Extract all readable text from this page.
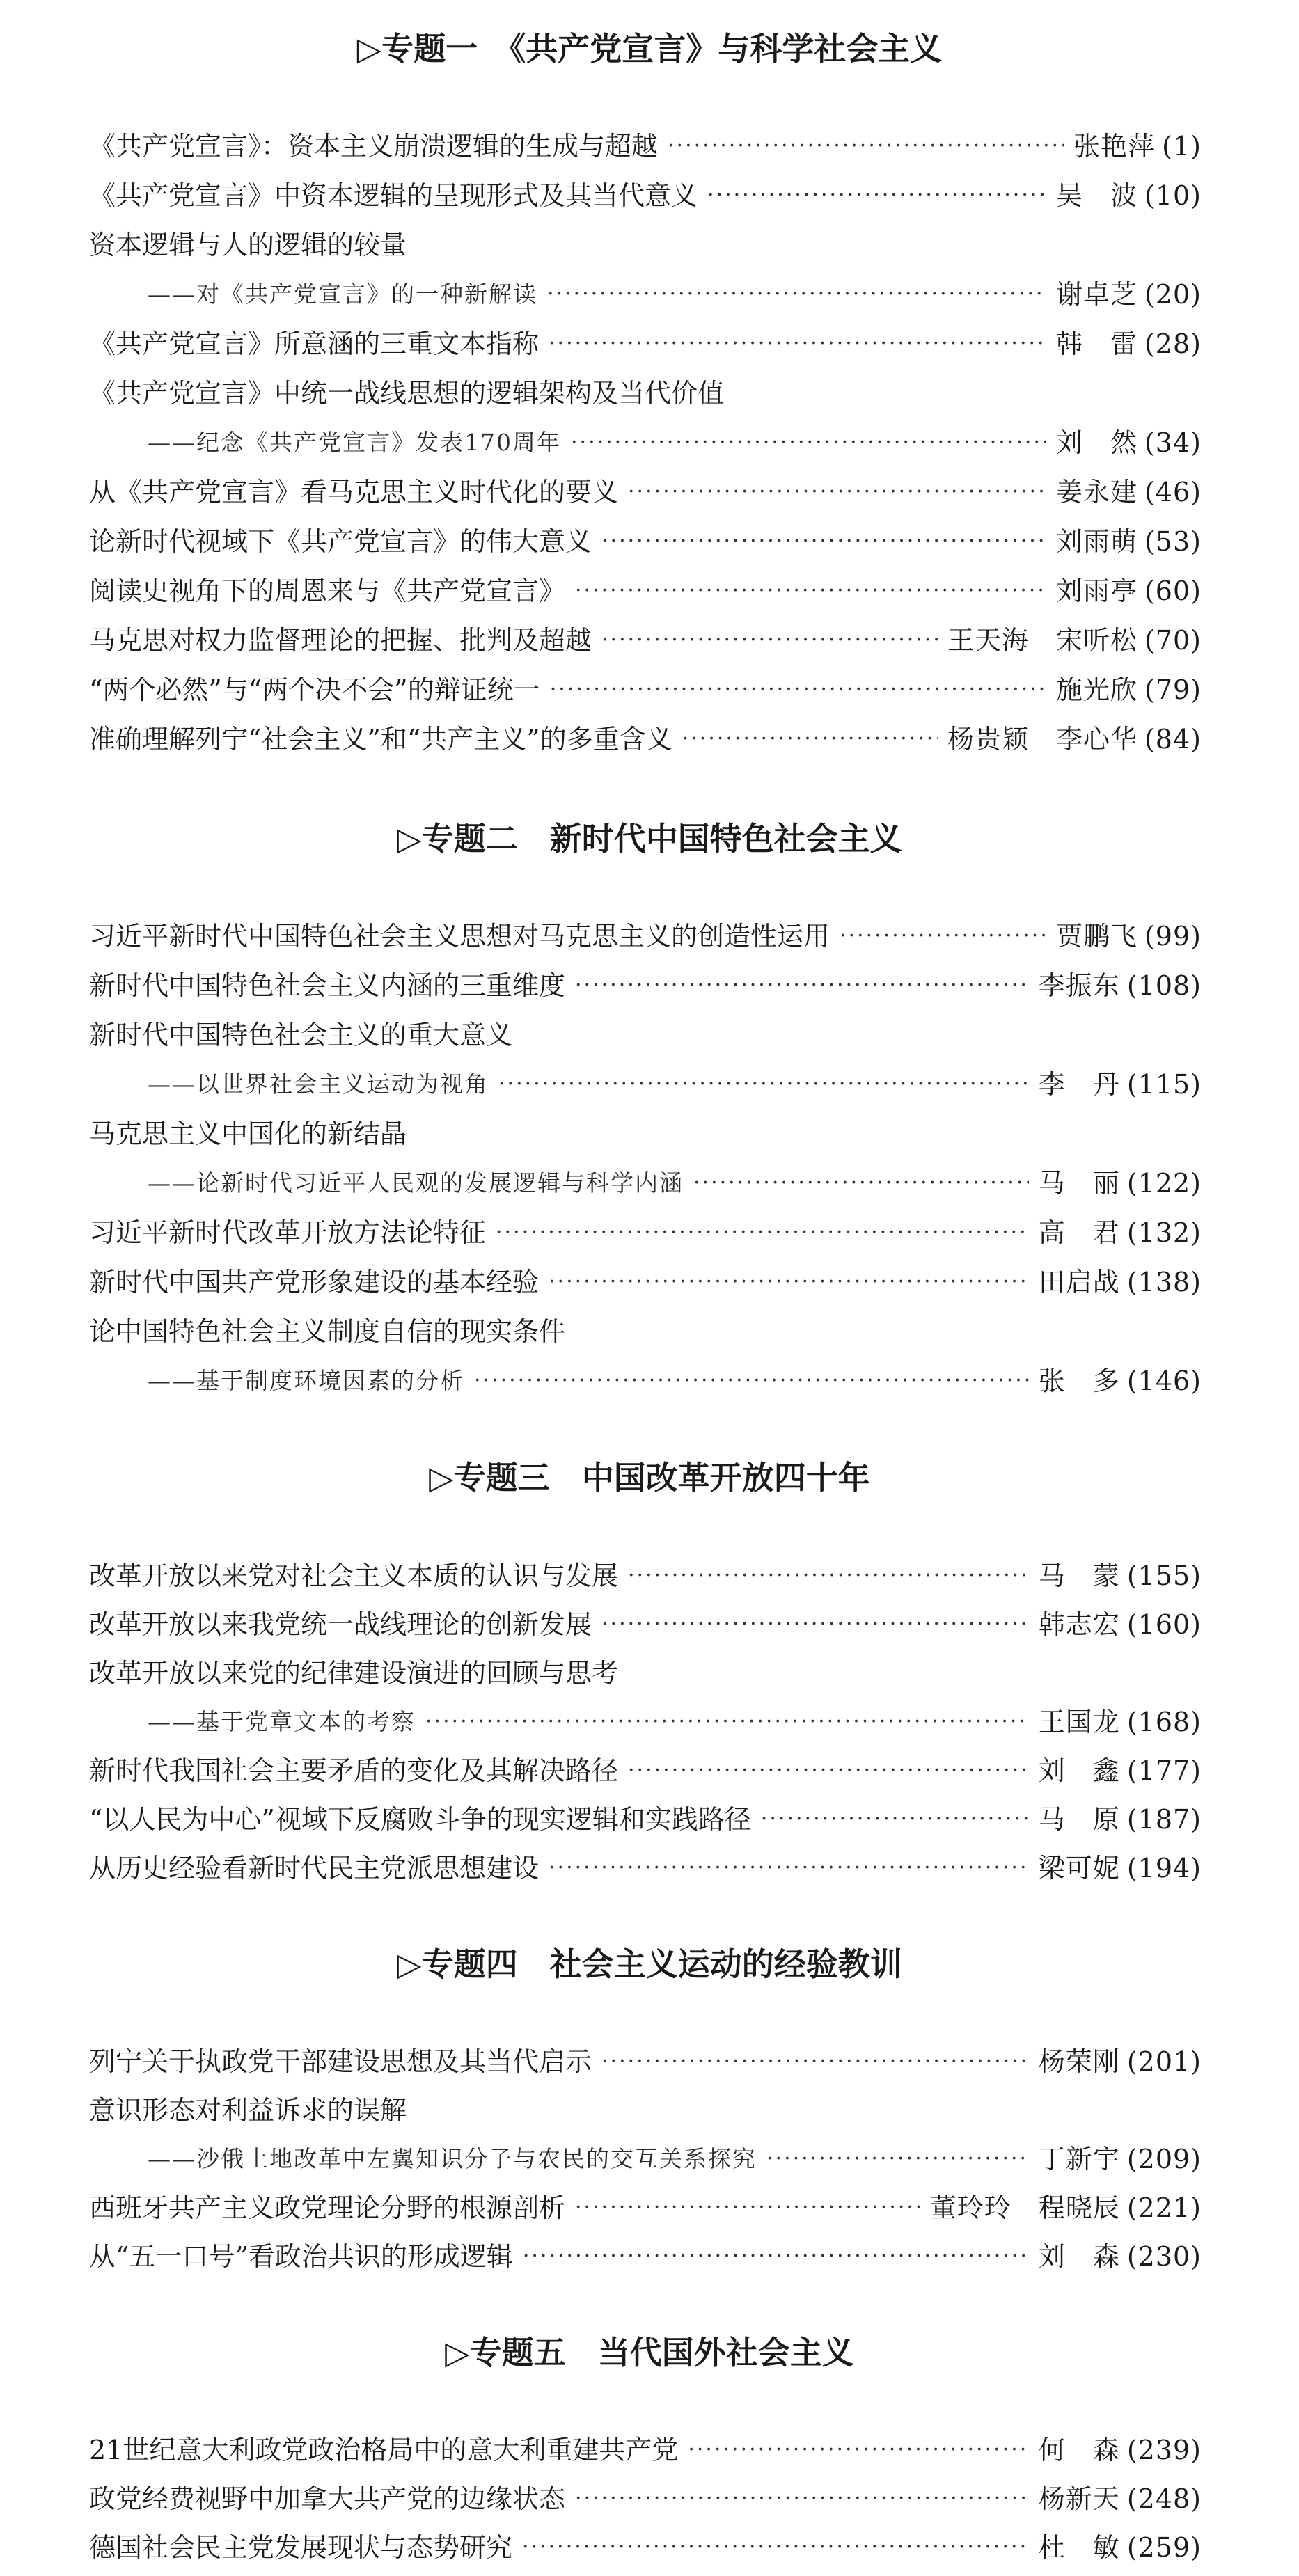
▷专题一　《共产党宣言》与科学社会主义
《共产党宣言》：资本主义崩溃逻辑的生成与超越 ·····	张艳萍 (1)
《共产党宣言》中资本逻辑的呈现形式及其当代意义 ·····	吴　波 (10)
资本逻辑与人的逻辑的较量
——对《共产党宣言》的一种新解读 ·····	谢卓芝 (20)
《共产党宣言》所意涵的三重文本指称 ·····	韩　雷 (28)
《共产党宣言》中统一战线思想的逻辑架构及当代价值
——纪念《共产党宣言》发表170周年 ·····	刘　然 (34)
从《共产党宣言》看马克思主义时代化的要义 ·····	姜永建 (46)
论新时代视域下《共产党宣言》的伟大意义 ·····	刘雨萌 (53)
阅读史视角下的周恩来与《共产党宣言》 ·····	刘雨亭 (60)
马克思对权力监督理论的把握、批判及超越 ·····	王天海　宋听松 (70)
“两个必然”与“两个决不会”的辩证统一 ·····	施光欣 (79)
准确理解列宁“社会主义”和“共产主义”的多重含义 ·····	杨贵颖　李心华 (84)
▷专题二　新时代中国特色社会主义
习近平新时代中国特色社会主义思想对马克思主义的创造性运用 ·····	贾鹏飞 (99)
新时代中国特色社会主义内涵的三重维度 ·····	李振东 (108)
新时代中国特色社会主义的重大意义
——以世界社会主义运动为视角 ·····	李　丹 (115)
马克思主义中国化的新结晶
——论新时代习近平人民观的发展逻辑与科学内涵 ·····	马　丽 (122)
习近平新时代改革开放方法论特征 ·····	高　君 (132)
新时代中国共产党形象建设的基本经验 ·····	田启战 (138)
论中国特色社会主义制度自信的现实条件
——基于制度环境因素的分析 ·····	张　多 (146)
▷专题三　中国改革开放四十年
改革开放以来党对社会主义本质的认识与发展 ·····	马　蒙 (155)
改革开放以来我党统一战线理论的创新发展 ·····	韩志宏 (160)
改革开放以来党的纪律建设演进的回顾与思考
——基于党章文本的考察 ·····	王国龙 (168)
新时代我国社会主要矛盾的变化及其解决路径 ·····	刘　鑫 (177)
“以人民为中心”视域下反腐败斗争的现实逻辑和实践路径 ·····	马　原 (187)
从历史经验看新时代民主党派思想建设 ·····	梁可妮 (194)
▷专题四　社会主义运动的经验教训
列宁关于执政党干部建设思想及其当代启示 ·····	杨荣刚 (201)
意识形态对利益诉求的误解
——沙俄土地改革中左翼知识分子与农民的交互关系探究 ·····	丁新宇 (209)
西班牙共产主义政党理论分野的根源剖析 ·····	董玲玲　程晓辰 (221)
从“五一口号”看政治共识的形成逻辑 ·····	刘　森 (230)
▷专题五　当代国外社会主义
21世纪意大利政党政治格局中的意大利重建共产党 ·····	何　森 (239)
政党经费视野中加拿大共产党的边缘状态 ·····	杨新天 (248)
德国社会民主党发展现状与态势研究 ·····	杜　敏 (259)
